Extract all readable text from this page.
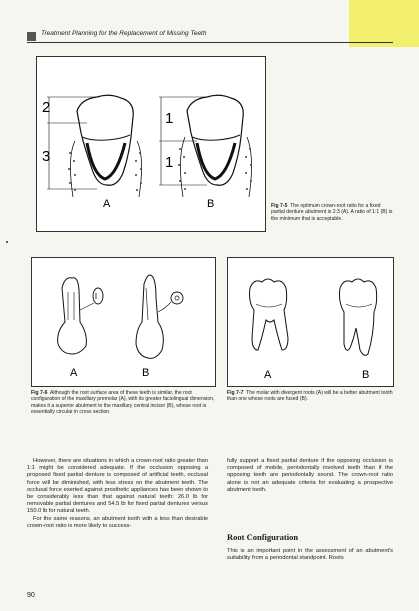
Treatment Planning for the Replacement of Missing Teeth
2
3
A
1
1
B	Fig 7-5 The optimum crown-root ratio for a fixed partial denture abutment is 2:3 (A). A ratio of 1:1 (B) is the minimum that is acceptable.
A	B
Fig 7-6 Although the root surface area of these teeth is similar, the root configuration of the maxillary premolar (A), with its greater faciolingual dimension, makes it a superior abutment to the maxillary central incisor (B), whose root is essentially circular in cross section.
A	B
Fig 7-7 The molar with divergent roots (A) will be a better abutment tooth than one whose roots are fused (B).

However, there are situations in which a crown-root ratio greater than 1:1 might be considered adequate. If the occlusion opposing a proposed fixed partial denture is composed of artificial teeth, occlusal force will be diminished, with less stress on the abutment teeth. The occlusal force exerted against prosthetic appliances has been shown to be considerably less than that against natural teeth: 26.0 lb for removable partial dentures and 54.5 lb for fixed partial dentures versus 150.0 lb for natural teeth.

For the same reasons, an abutment tooth with a less than desirable crown-root ratio is more likely to success-

fully support a fixed partial denture if the opposing occlusion is composed of mobile, periodontally involved teeth than if the opposing teeth are periodontally sound. The crown-root ratio alone is not an adequate criteria for evaluating a prospective abutment tooth.

Root Configuration

This is an important point in the assessment of an abutment's suitability from a periodontal standpoint. Roots

90
